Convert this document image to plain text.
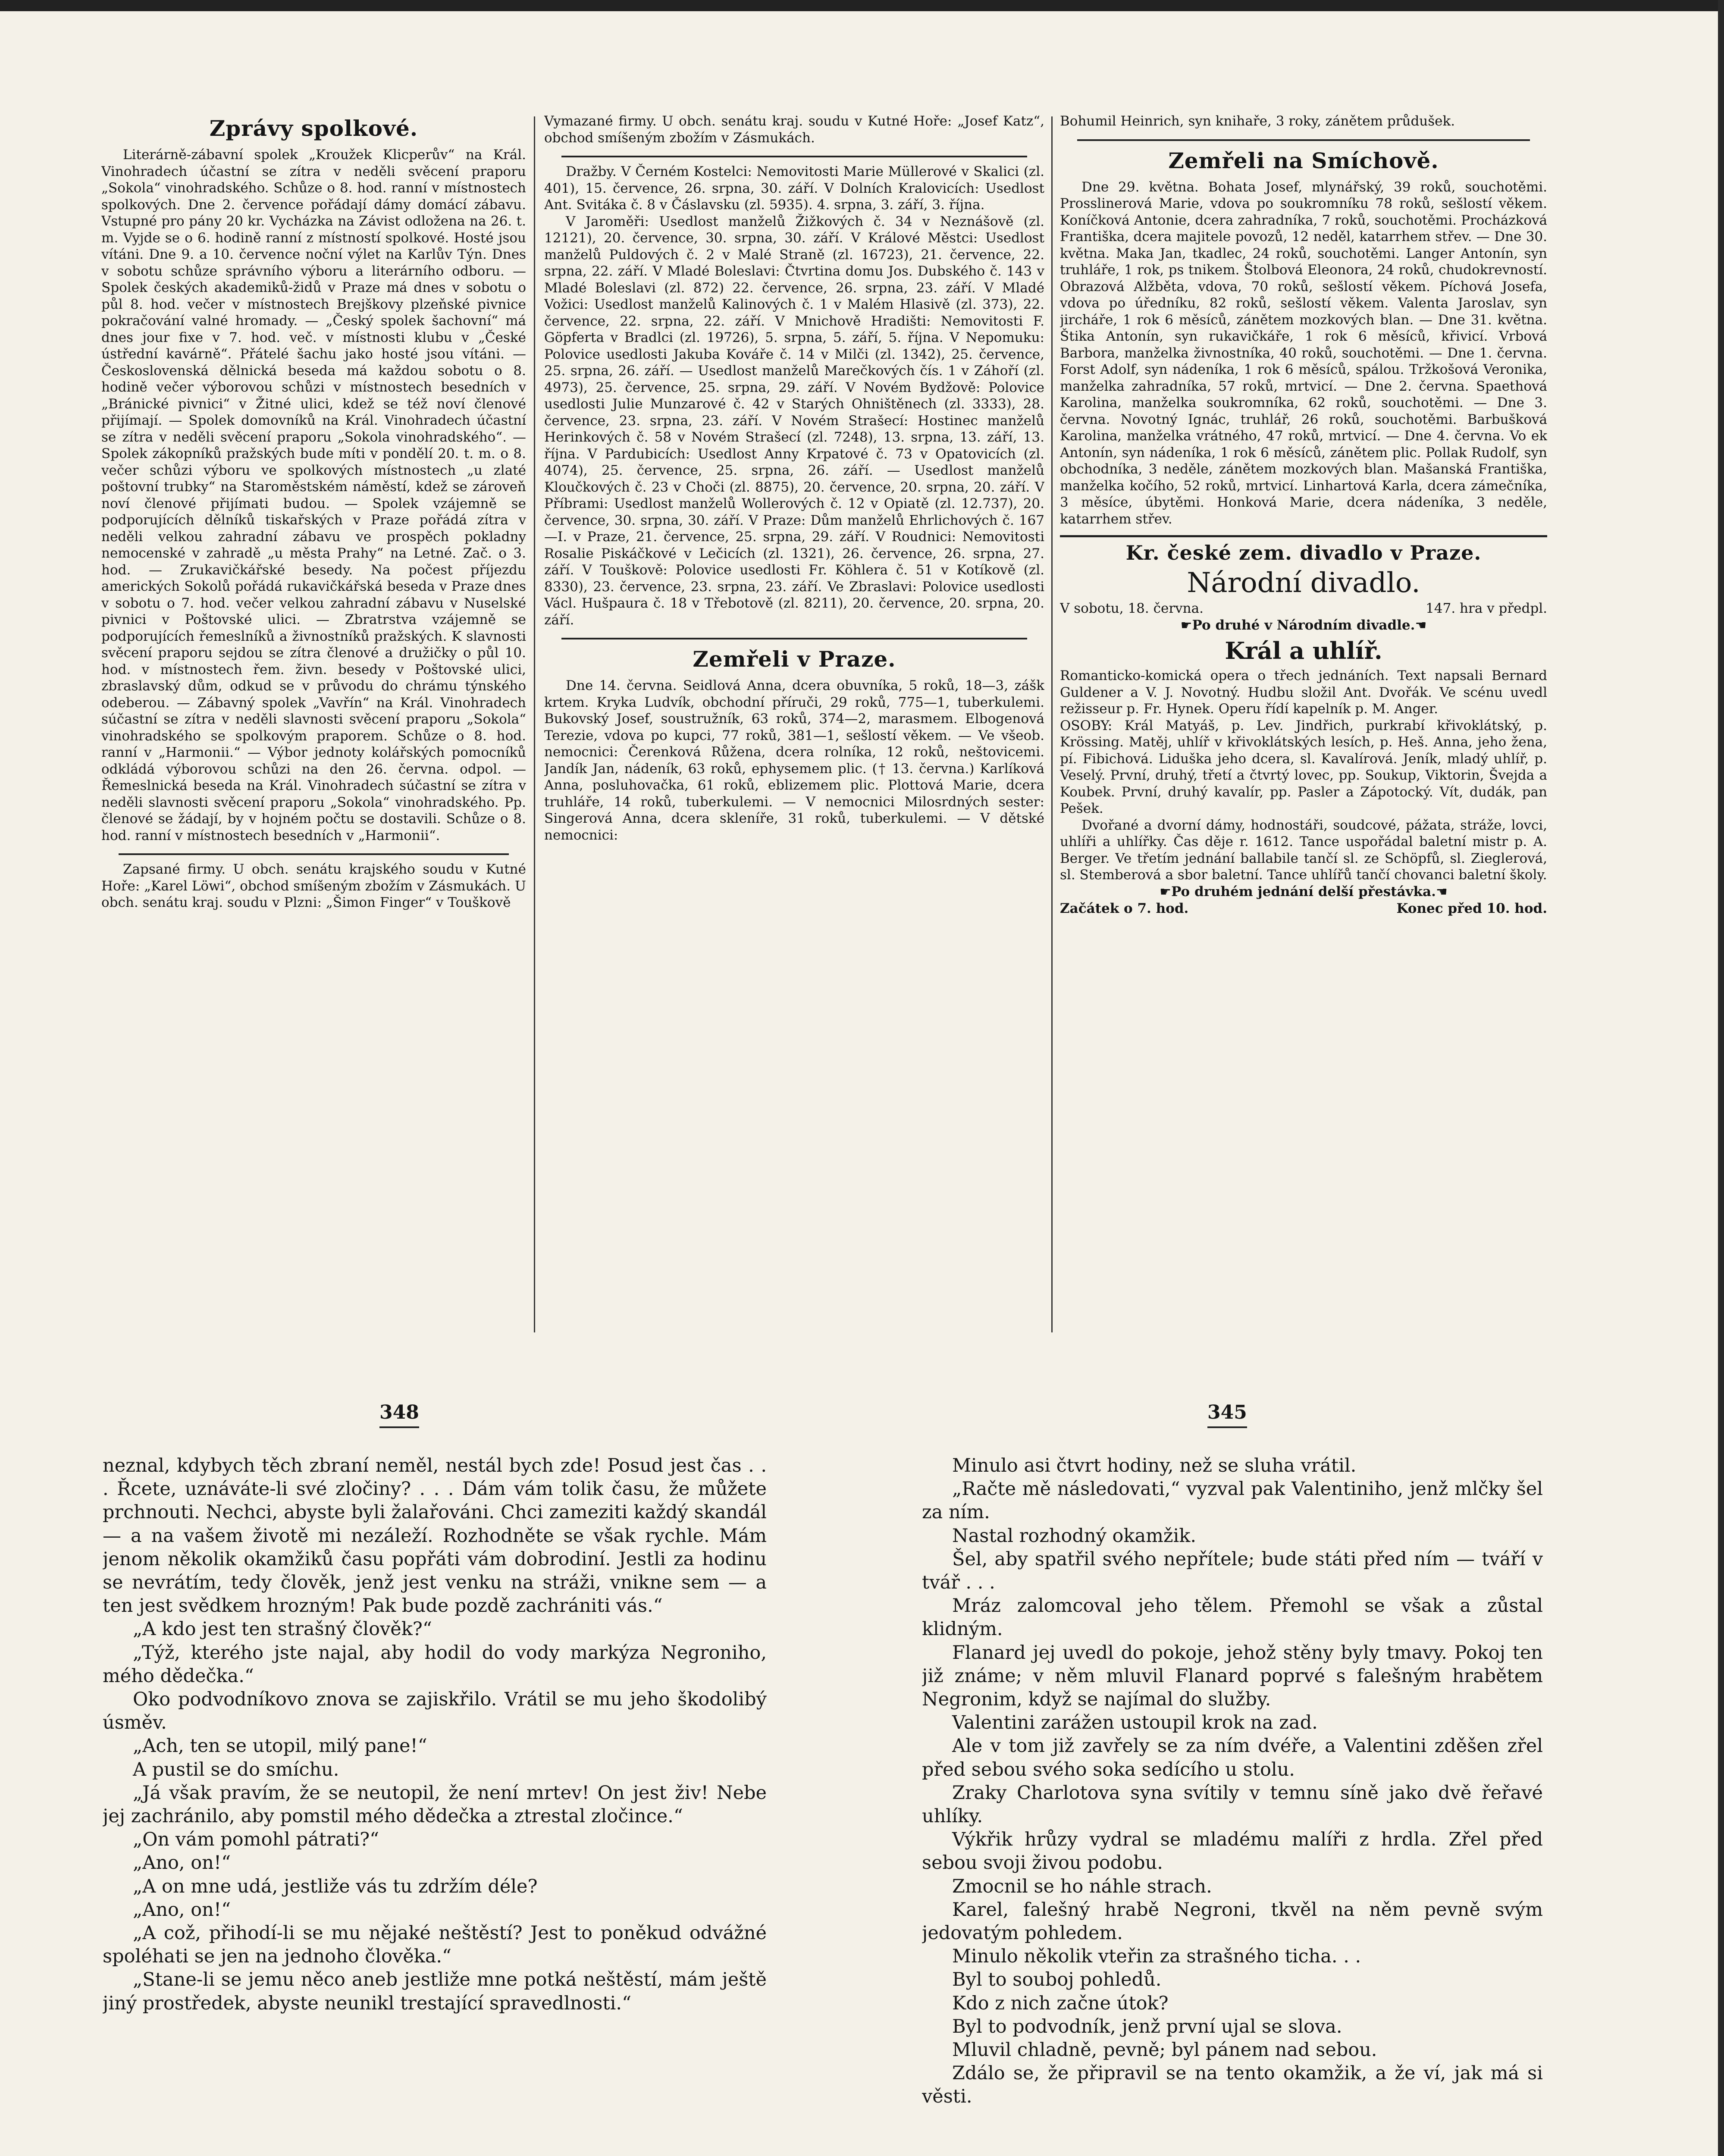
Zprávy spolkové.

Literárně-zábavní spolek „Kroužek Klicperův“ na Král. Vinohradech účastní se zítra v neděli svěcení praporu „Sokola“ vinohradského. Schůze o 8. hod. ranní v místnostech spolkových. Dne 2. července pořádají dámy domácí zábavu. Vstupné pro pány 20 kr. Vycházka na Závist odložena na 26. t. m. Vyjde se o 6. hodině ranní z místností spolkové. Hosté jsou vítáni. Dne 9. a 10. července noční výlet na Karlův Týn. Dnes v sobotu schůze správního výboru a literárního odboru. — Spolek českých akademiků-židů v Praze má dnes v sobotu o půl 8. hod. večer v místnostech Brejškovy plzeňské pivnice pokračování valné hromady. — „Český spolek šachovní“ má dnes jour fixe v 7. hod. več. v místnosti klubu v „České ústřední kavárně“. Přátelé šachu jako hosté jsou vítáni. — Československá dělnická beseda má každou sobotu o 8. hodině večer výborovou schůzi v místnostech besedních v „Bránické pivnici“ v Žitné ulici, kdež se též noví členové přijímají. — Spolek domovníků na Král. Vinohradech účastní se zítra v neděli svěcení praporu „Sokola vinohradského“. — Spolek zákopníků pražských bude míti v pondělí 20. t. m. o 8. večer schůzi výboru ve spolkových místnostech „u zlaté poštovní trubky“ na Staroměstském náměstí, kdež se zároveň noví členové přijímati budou. — Spolek vzájemně se podporujících dělníků tiskařských v Praze pořádá zítra v neděli velkou zahradní zábavu ve prospěch pokladny nemocenské v zahradě „u města Prahy“ na Letné. Zač. o 3. hod. — Zrukavičkářské besedy. Na počest příjezdu amerických Sokolů pořádá rukavičkářská beseda v Praze dnes v sobotu o 7. hod. večer velkou zahradní zábavu v Nuselské pivnici v Poštovské ulici. — Zbratrstva vzájemně se podporujících řemeslníků a živnostníků pražských. K slavnosti svěcení praporu sejdou se zítra členové a družičky o půl 10. hod. v místnostech řem. živn. besedy v Poštovské ulici, zbraslavský dům, odkud se v průvodu do chrámu týnského odeberou. — Zábavný spolek „Vavřín“ na Král. Vinohradech súčastní se zítra v neděli slavnosti svěcení praporu „Sokola“ vinohradského se spolkovým praporem. Schůze o 8. hod. ranní v „Harmonii.“ — Výbor jednoty kolářských pomocníků odkládá výborovou schůzi na den 26. června. odpol. — Řemeslnická beseda na Král. Vinohradech súčastní se zítra v neděli slavnosti svěcení praporu „Sokola“ vinohradského. Pp. členové se žádají, by v hojném počtu se dostavili. Schůze o 8. hod. ranní v místnostech besedních v „Harmonii“.

Zapsané firmy. U obch. senátu krajského soudu v Kutné Hoře: „Karel Löwi“, obchod smíšeným zbožím v Zásmukách. U obch. senátu kraj. soudu v Plzni: „Šimon Finger“ v Touškově

Vymazané firmy. U obch. senátu kraj. soudu v Kutné Hoře: „Josef Katz“, obchod smíšeným zbožím v Zásmukách.

Dražby. V Černém Kostelci: Nemovitosti Marie Müllerové v Skalici (zl. 401), 15. července, 26. srpna, 30. září. V Dolních Kralovicích: Usedlost Ant. Svitáka č. 8 v Čáslavsku (zl. 5935). 4. srpna, 3. září, 3. října.

V Jaroměři: Usedlost manželů Žižkových č. 34 v Neznášově (zl. 12121), 20. července, 30. srpna, 30. září. V Králové Městci: Usedlost manželů Puldových č. 2 v Malé Straně (zl. 16723), 21. července, 22. srpna, 22. září. V Mladé Boleslavi: Čtvrtina domu Jos. Dubského č. 143 v Mladé Boleslavi (zl. 872) 22. července, 26. srpna, 23. září. V Mladé Vožici: Usedlost manželů Kalinových č. 1 v Malém Hlasivě (zl. 373), 22. července, 22. srpna, 22. září. V Mnichově Hradišti: Nemovitosti F. Göpferta v Bradlci (zl. 19726), 5. srpna, 5. září, 5. října. V Nepomuku: Polovice usedlosti Jakuba Kováře č. 14 v Milči (zl. 1342), 25. července, 25. srpna, 26. září. — Usedlost manželů Marečkových čís. 1 v Záhoří (zl. 4973), 25. července, 25. srpna, 29. září. V Novém Bydžově: Polovice usedlosti Julie Munzarové č. 42 v Starých Ohništěnech (zl. 3333), 28. července, 23. srpna, 23. září. V Novém Strašecí: Hostinec manželů Herinkových č. 58 v Novém Strašecí (zl. 7248), 13. srpna, 13. září, 13. října. V Pardubicích: Usedlost Anny Krpatové č. 73 v Opatovicích (zl. 4074), 25. července, 25. srpna, 26. září. — Usedlost manželů Kloučkových č. 23 v Choči (zl. 8875), 20. července, 20. srpna, 20. září. V Příbrami: Usedlost manželů Wollerových č. 12 v Opiatě (zl. 12.737), 20. července, 30. srpna, 30. září. V Praze: Dům manželů Ehrlichových č. 167—I. v Praze, 21. července, 25. srpna, 29. září. V Roudnici: Nemovitosti Rosalie Piskáčkové v Lečicích (zl. 1321), 26. července, 26. srpna, 27. září. V Touškově: Polovice usedlosti Fr. Köhlera č. 51 v Kotíkově (zl. 8330), 23. července, 23. srpna, 23. září. Ve Zbraslavi: Polovice usedlosti Václ. Hušpaura č. 18 v Třebotově (zl. 8211), 20. července, 20. srpna, 20. září.

Zemřeli v Praze.

Dne 14. června. Seidlová Anna, dcera obuvníka, 5 roků, 18—3, zášk krtem. Kryka Ludvík, obchodní příruči, 29 roků, 775—1, tuberkulemi. Bukovský Josef, soustružník, 63 roků, 374—2, marasmem. Elbogenová Terezie, vdova po kupci, 77 roků, 381—1, sešlostí věkem. — Ve všeob. nemocnici: Čerenková Růžena, dcera rolníka, 12 roků, neštovicemi. Jandík Jan, nádeník, 63 roků, ephysemem plic. († 13. června.) Karlíková Anna, posluhovačka, 61 roků, eblizemem plic. Plottová Marie, dcera truhláře, 14 roků, tuberkulemi. — V nemocnici Milosrdných sester: Singerová Anna, dcera skleníře, 31 roků, tuberkulemi. — V dětské nemocnici:

Bohumil Heinrich, syn knihaře, 3 roky, zánětem průdušek.

Zemřeli na Smíchově.

Dne 29. května. Bohata Josef, mlynářský, 39 roků, souchotěmi. Prosslinerová Marie, vdova po soukromníku 78 roků, sešlostí věkem. Koníčková Antonie, dcera zahradníka, 7 roků, souchotěmi. Procházková Františka, dcera majitele povozů, 12 neděl, katarrhem střev. — Dne 30. května. Maka Jan, tkadlec, 24 roků, souchotěmi. Langer Antonín, syn truhláře, 1 rok, ps tnikem. Štolbová Eleonora, 24 roků, chudokrevností. Obrazová Alžběta, vdova, 70 roků, sešlostí věkem. Píchová Josefa, vdova po úředníku, 82 roků, sešlostí věkem. Valenta Jaroslav, syn jircháře, 1 rok 6 měsíců, zánětem mozkových blan. — Dne 31. května. Štika Antonín, syn rukavičkáře, 1 rok 6 měsíců, křivicí. Vrbová Barbora, manželka živnostníka, 40 roků, souchotěmi. — Dne 1. června. Forst Adolf, syn nádeníka, 1 rok 6 měsíců, spálou. Tržkošová Veronika, manželka zahradníka, 57 roků, mrtvicí. — Dne 2. června. Spaethová Karolina, manželka soukromníka, 62 roků, souchotěmi. — Dne 3. června. Novotný Ignác, truhlář, 26 roků, souchotěmi. Barbušková Karolina, manželka vrátného, 47 roků, mrtvicí. — Dne 4. června. Vo ek Antonín, syn nádeníka, 1 rok 6 měsíců, zánětem plic. Pollak Rudolf, syn obchodníka, 3 neděle, zánětem mozkových blan. Mašanská Františka, manželka kočího, 52 roků, mrtvicí. Linhartová Karla, dcera zámečníka, 3 měsíce, úbytěmi. Honková Marie, dcera nádeníka, 3 neděle, katarrhem střev.

Kr. české zem. divadlo v Praze.
Národní divadlo.
V sobotu, 18. června.	147. hra v předpl.

☛Po druhé v Národním divadle.☚

Král a uhlíř.

Romanticko-komická opera o třech jednáních. Text napsali Bernard Guldener a V. J. Novotný. Hudbu složil Ant. Dvořák. Ve scénu uvedl režisseur p. Fr. Hynek. Operu řídí kapelník p. M. Anger.

OSOBY: Král Matyáš, p. Lev. Jindřich, purkrabí křivoklátský, p. Krössing. Matěj, uhlíř v křivoklátských lesích, p. Heš. Anna, jeho žena, pí. Fibichová. Liduška jeho dcera, sl. Kavalírová. Jeník, mladý uhlíř, p. Veselý. První, druhý, třetí a čtvrtý lovec, pp. Soukup, Viktorin, Švejda a Koubek. První, druhý kavalír, pp. Pasler a Zápotocký. Vít, dudák, pan Pešek.

Dvořané a dvorní dámy, hodnostáři, soudcové, pážata, stráže, lovci, uhlíři a uhlířky. Čas děje r. 1612. Tance uspořádal baletní mistr p. A. Berger. Ve třetím jednání ballabile tančí sl. ze Schöpfů, sl. Zieglerová, sl. Stemberová a sbor baletní. Tance uhlířů tančí chovanci baletní školy.

☛Po druhém jednání delší přestávka.☚

Začátek o 7. hod.	Konec před 10. hod.
348	345

neznal, kdybych těch zbraní neměl, nestál bych zde! Posud jest čas . . . Řcete, uznáváte-li své zločiny? . . . Dám vám tolik času, že můžete prchnouti. Nechci, abyste byli žalařováni. Chci zameziti každý skandál — a na vašem životě mi nezáleží. Rozhodněte se však rychle. Mám jenom několik okamžiků času popřáti vám dobrodiní. Jestli za hodinu se nevrátím, tedy člověk, jenž jest venku na stráži, vnikne sem — a ten jest svědkem hrozným! Pak bude pozdě zachrániti vás.“

„A kdo jest ten strašný člověk?“

„Týž, kterého jste najal, aby hodil do vody markýza Negroniho, mého dědečka.“

Oko podvodníkovo znova se zajiskřilo. Vrátil se mu jeho škodolibý úsměv.

„Ach, ten se utopil, milý pane!“

A pustil se do smíchu.

„Já však pravím, že se neutopil, že není mrtev! On jest živ! Nebe jej zachránilo, aby pomstil mého dědečka a ztrestal zločince.“

„On vám pomohl pátrati?“

„Ano, on!“

„A on mne udá, jestliže vás tu zdržím déle?

„Ano, on!“

„A což, přihodí-li se mu nějaké neštěstí? Jest to poněkud odvážné spoléhati se jen na jednoho člověka.“

„Stane-li se jemu něco aneb jestliže mne potká neštěstí, mám ještě jiný prostředek, abyste neunikl trestající spravedlnosti.“

Minulo asi čtvrt hodiny, než se sluha vrátil.

„Račte mě následovati,“ vyzval pak Valentiniho, jenž mlčky šel za ním.

Nastal rozhodný okamžik.

Šel, aby spatřil svého nepřítele; bude státi před ním — tváří v tvář . . .

Mráz zalomcoval jeho tělem. Přemohl se však a zůstal klidným.

Flanard jej uvedl do pokoje, jehož stěny byly tmavy. Pokoj ten již známe; v něm mluvil Flanard poprvé s falešným hrabětem Negronim, když se najímal do služby.

Valentini zarážen ustoupil krok na zad.

Ale v tom již zavřely se za ním dvéře, a Valentini zděšen zřel před sebou svého soka sedícího u stolu.

Zraky Charlotova syna svítily v temnu síně jako dvě řeřavé uhlíky.

Výkřik hrůzy vydral se mladému malíři z hrdla. Zřel před sebou svoji živou podobu.

Zmocnil se ho náhle strach.

Karel, falešný hrabě Negroni, tkvěl na něm pevně svým jedovatým pohledem.

Minulo několik vteřin za strašného ticha. . .

Byl to souboj pohledů.

Kdo z nich začne útok?

Byl to podvodník, jenž první ujal se slova.

Mluvil chladně, pevně; byl pánem nad sebou.

Zdálo se, že připravil se na tento okamžik, a že ví, jak má si věsti.
